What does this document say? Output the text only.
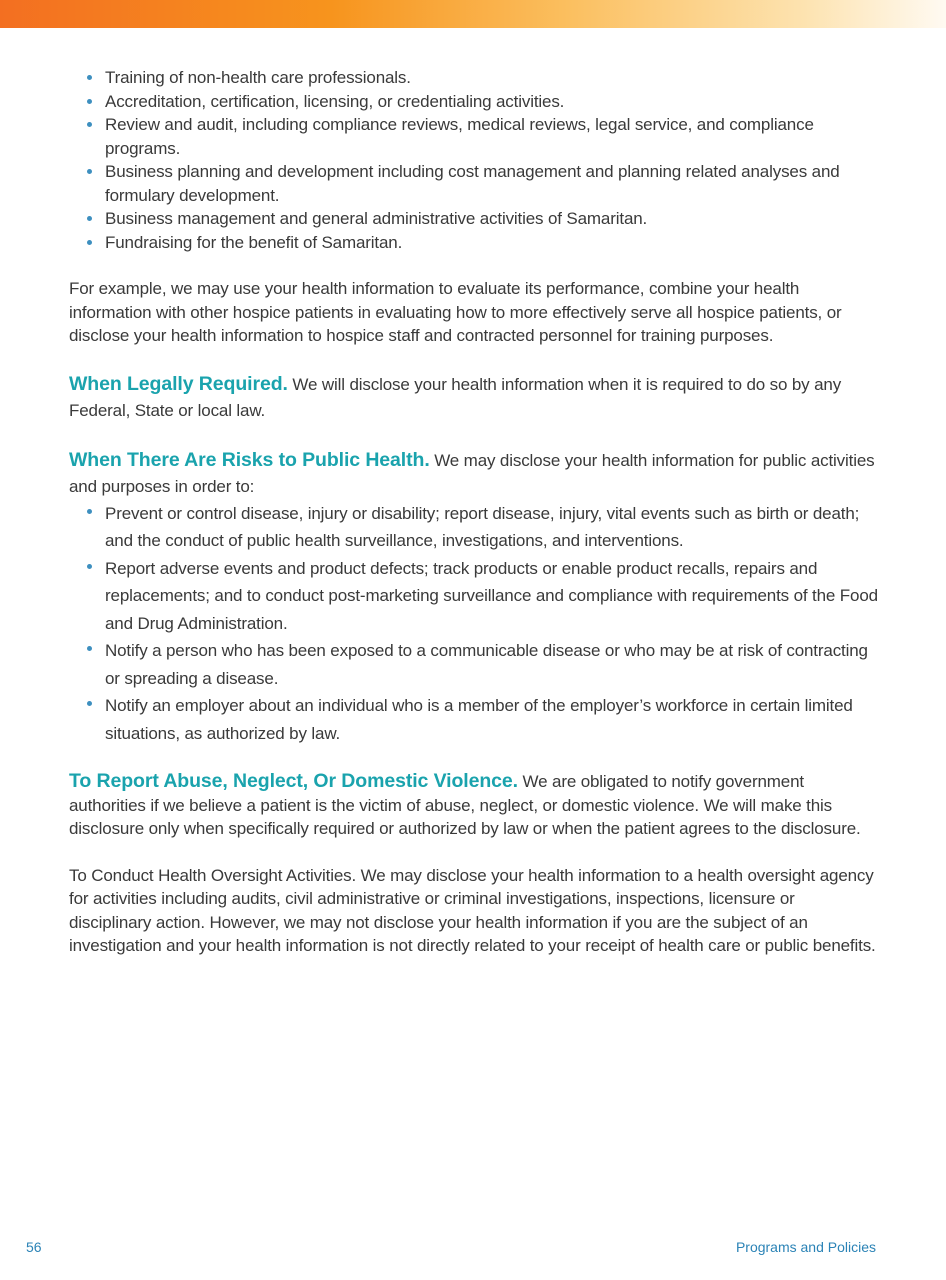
Training of non-health care professionals.
Accreditation, certification, licensing, or credentialing activities.
Review and audit, including compliance reviews, medical reviews, legal service, and compliance programs.
Business planning and development including cost management and planning related analyses and formulary development.
Business management and general administrative activities of Samaritan.
Fundraising for the benefit of Samaritan.

For example, we may use your health information to evaluate its performance, combine your health information with other hospice patients in evaluating how to more effectively serve all hospice patients, or disclose your health information to hospice staff and contracted personnel for training purposes.

When Legally Required. We will disclose your health information when it is required to do so by any Federal, State or local law.

When There Are Risks to Public Health. We may disclose your health information for public activities and purposes in order to:

Prevent or control disease, injury or disability; report disease, injury, vital events such as birth or death; and the conduct of public health surveillance, investigations, and interventions.
Report adverse events and product defects; track products or enable product recalls, repairs and replacements; and to conduct post-marketing surveillance and compliance with requirements of the Food and Drug Administration.
Notify a person who has been exposed to a communicable disease or who may be at risk of contracting or spreading a disease.
Notify an employer about an individual who is a member of the employer’s workforce in certain limited situations, as authorized by law.

To Report Abuse, Neglect, Or Domestic Violence. We are obligated to notify government authorities if we believe a patient is the victim of abuse, neglect, or domestic violence. We will make this disclosure only when specifically required or authorized by law or when the patient agrees to the disclosure.

To Conduct Health Oversight Activities. We may disclose your health information to a health oversight agency for activities including audits, civil administrative or criminal investigations, inspections, licensure or disciplinary action. However, we may not disclose your health information if you are the subject of an investigation and your health information is not directly related to your receipt of health care or public benefits.

56	Programs and Policies
